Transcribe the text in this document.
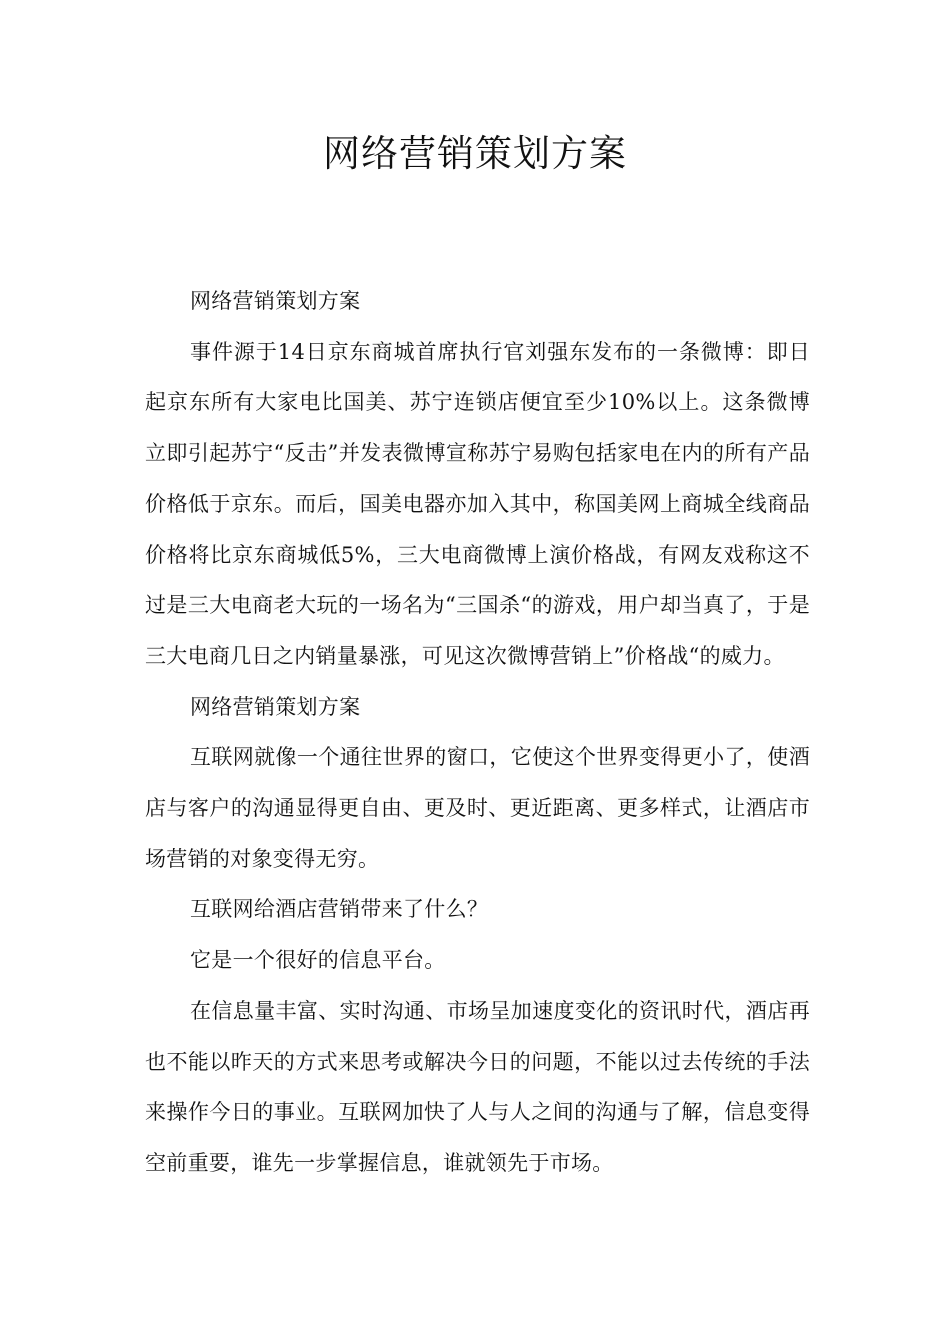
网络营销策划方案

网络营销策划方案

事件源于14日京东商城首席执行官刘强东发布的一条微博：即日起京东所有大家电比国美、苏宁连锁店便宜至少10%以上。这条微博立即引起苏宁“反击”并发表微博宣称苏宁易购包括家电在内的所有产品价格低于京东。而后，国美电器亦加入其中，称国美网上商城全线商品价格将比京东商城低5%，三大电商微博上演价格战，有网友戏称这不过是三大电商老大玩的一场名为“三国杀“的游戏，用户却当真了，于是三大电商几日之内销量暴涨，可见这次微博营销上”价格战“的威力。

网络营销策划方案

互联网就像一个通往世界的窗口，它使这个世界变得更小了，使酒店与客户的沟通显得更自由、更及时、更近距离、更多样式，让酒店市场营销的对象变得无穷。

互联网给酒店营销带来了什么？

它是一个很好的信息平台。

在信息量丰富、实时沟通、市场呈加速度变化的资讯时代，酒店再也不能以昨天的方式来思考或解决今日的问题，不能以过去传统的手法来操作今日的事业。互联网加快了人与人之间的沟通与了解，信息变得空前重要，谁先一步掌握信息，谁就领先于市场。
